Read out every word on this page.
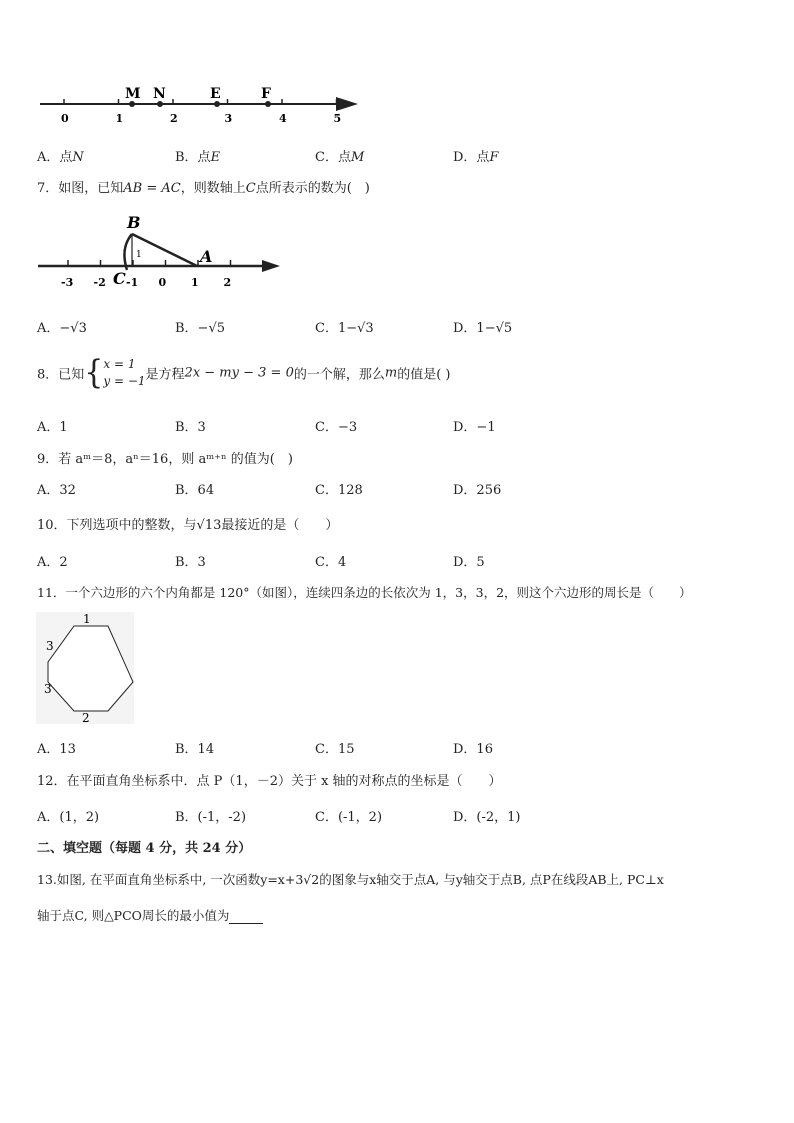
0	1	2	3	4	5
M N	E	F
A．点N	B．点E	C．点M	D．点F
7．如图，已知AB = AC，则数轴上C点所表示的数为(　)
-3 -2 -1 0 1 2
B
A
C
1
A．−√3	B．−√5	C．1−√3	D．1−√5
8．已知{x = 1
y = −1是方程2x − my − 3 = 0的一个解，那么m的值是( )
A．1	B．3	C．−3	D．−1
9．若 aᵐ＝8，aⁿ＝16，则 aᵐ⁺ⁿ 的值为(　)
A．32	B．64	C．128	D．256
10．下列选项中的整数，与√13最接近的是（　　）
A．2	B．3	C．4	D．5
11．一个六边形的六个内角都是 120°（如图），连续四条边的长依次为 1，3，3，2，则这个六边形的周长是（　　）
1
3
3
2
A．13	B．14	C．15	D．16
12．在平面直角坐标系中．点 P（1，－2）关于 x 轴的对称点的坐标是（　　）
A．(1，2)	B．(-1，-2)	C．(-1，2)	D．(-2，1)
二、填空题（每题 4 分，共 24 分）
13.如图, 在平面直角坐标系中, 一次函数y=x+3√2的图象与x轴交于点A, 与y轴交于点B, 点P在线段AB上, PC⊥x
轴于点C, 则△PCO周长的最小值为
